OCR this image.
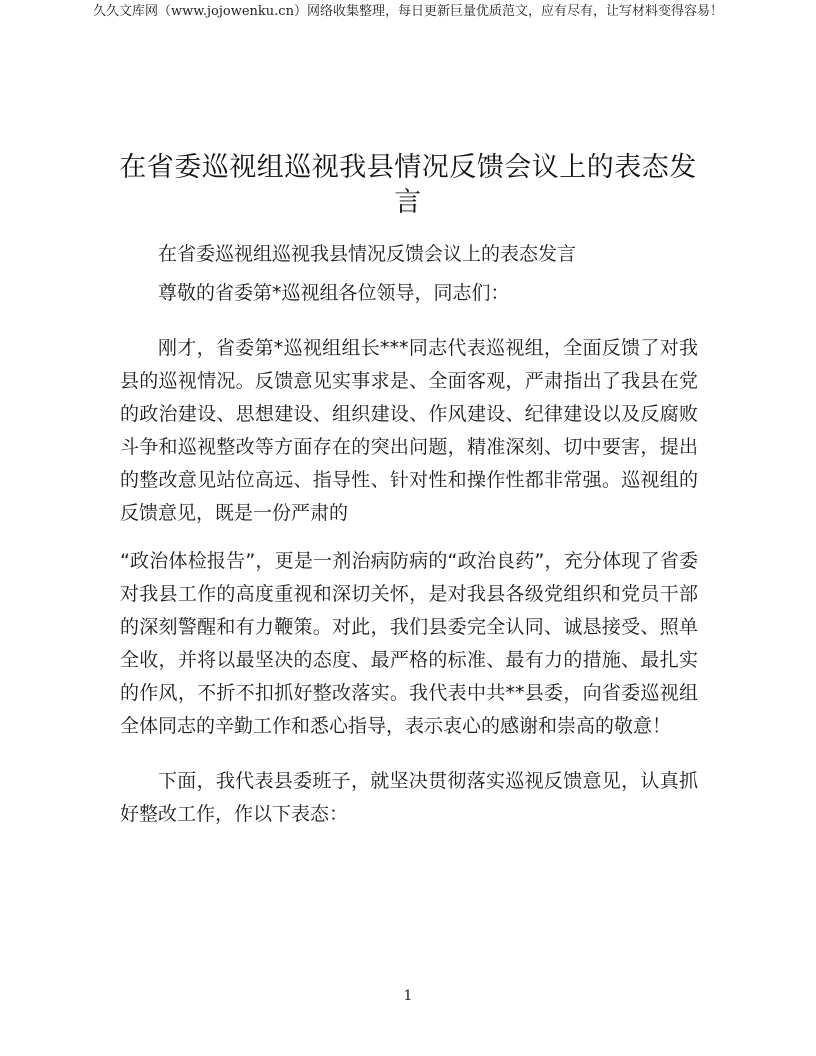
久久文库网（www.jojowenku.cn）网络收集整理，每日更新巨量优质范文，应有尽有，让写材料变得容易！
在省委巡视组巡视我县情况反馈会议上的表态发言

在省委巡视组巡视我县情况反馈会议上的表态发言

尊敬的省委第*巡视组各位领导，同志们：

刚才，省委第*巡视组组长***同志代表巡视组，全面反馈了对我县的巡视情况。反馈意见实事求是、全面客观，严肃指出了我县在党的政治建设、思想建设、组织建设、作风建设、纪律建设以及反腐败斗争和巡视整改等方面存在的突出问题，精准深刻、切中要害，提出的整改意见站位高远、指导性、针对性和操作性都非常强。巡视组的反馈意见，既是一份严肃的

“政治体检报告”，更是一剂治病防病的“政治良药”，充分体现了省委对我县工作的高度重视和深切关怀，是对我县各级党组织和党员干部的深刻警醒和有力鞭策。对此，我们县委完全认同、诚恳接受、照单全收，并将以最坚决的态度、最严格的标准、最有力的措施、最扎实的作风，不折不扣抓好整改落实。我代表中共**县委，向省委巡视组全体同志的辛勤工作和悉心指导，表示衷心的感谢和崇高的敬意！

下面，我代表县委班子，就坚决贯彻落实巡视反馈意见，认真抓好整改工作，作以下表态：

1
